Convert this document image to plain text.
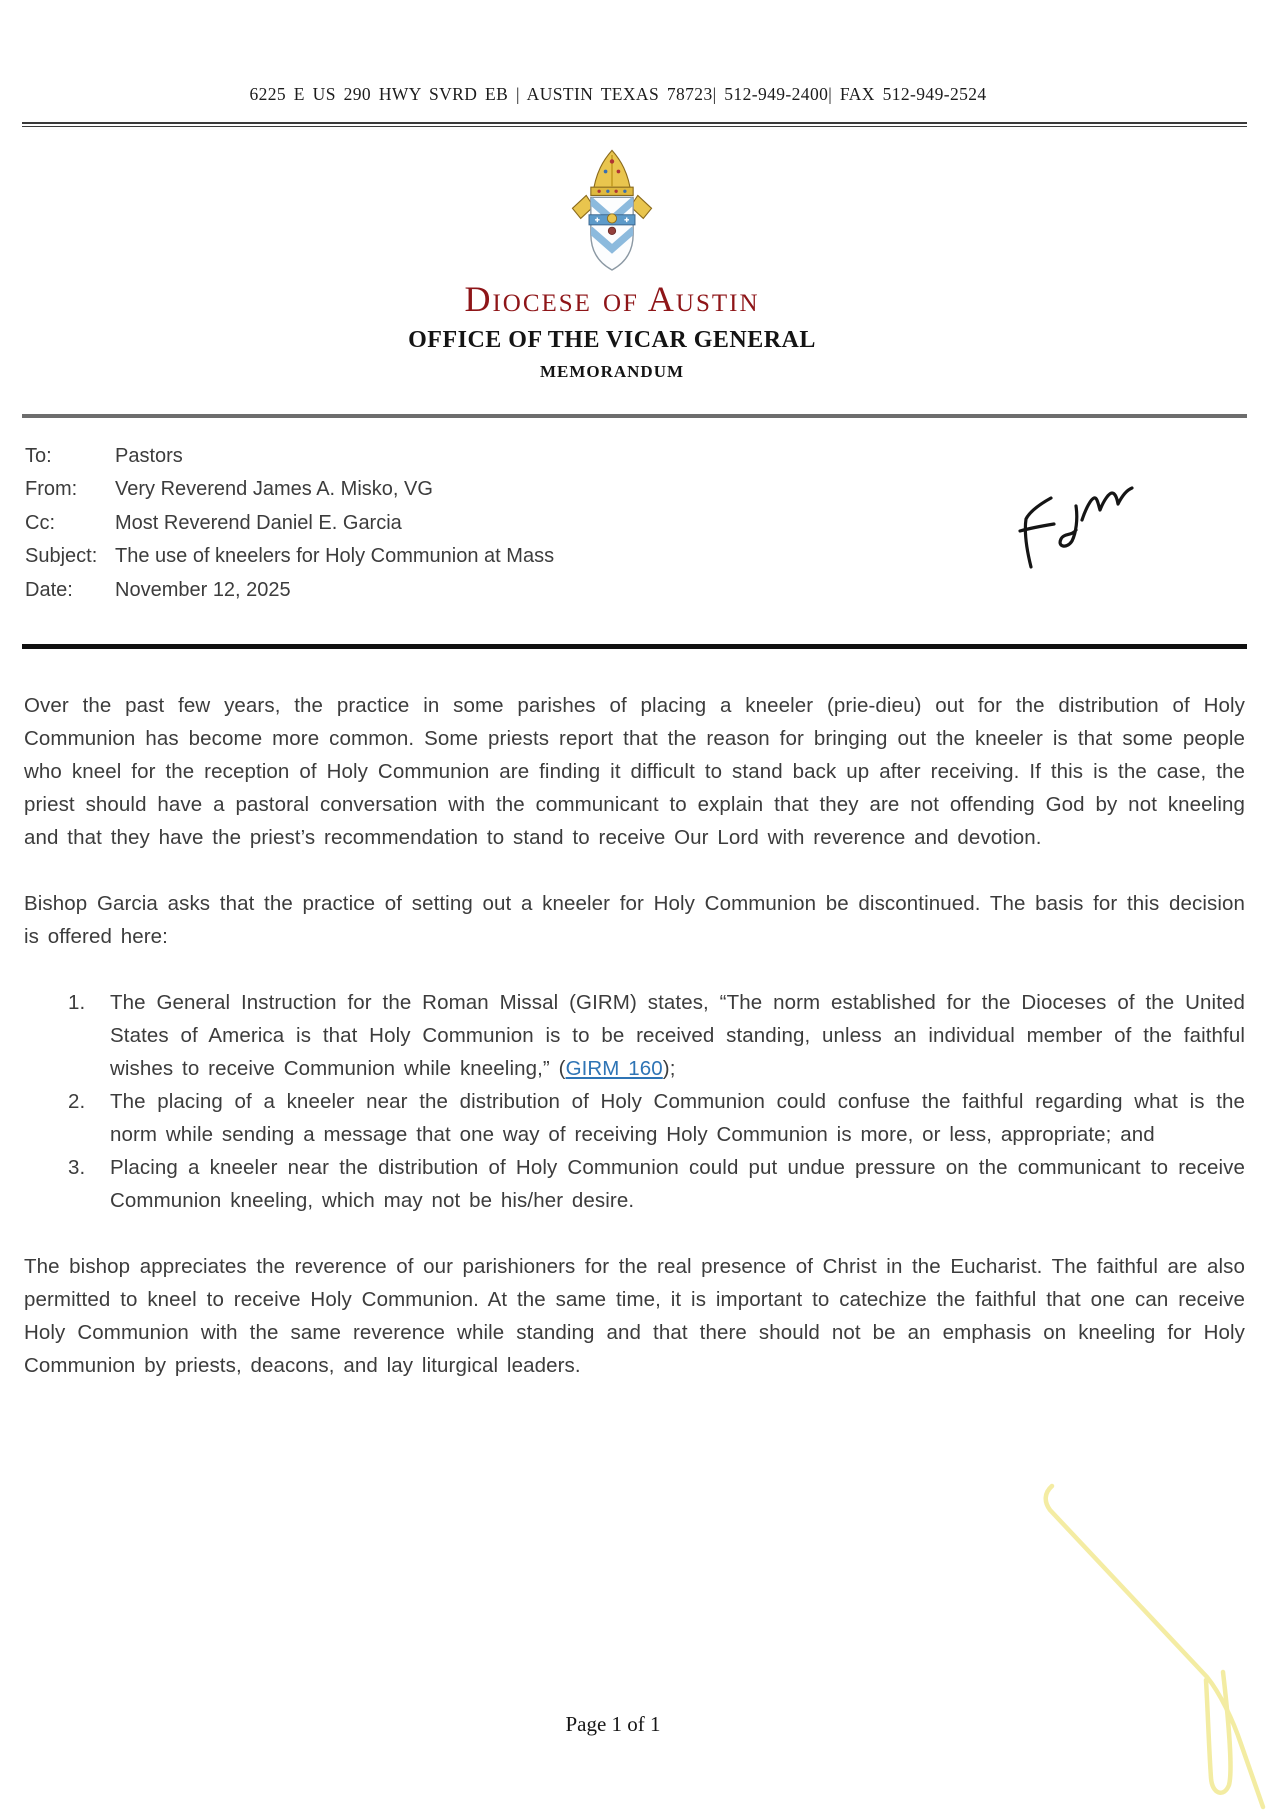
6225 E US 290 HWY SVRD EB | AUSTIN TEXAS 78723| 512-949-2400| FAX 512-949-2524
Diocese of Austin
OFFICE OF THE VICAR GENERAL
MEMORANDUM
To:	Pastors
From:	Very Reverend James A. Misko, VG
Cc:	Most Reverend Daniel E. Garcia
Subject: The use of kneelers for Holy Communion at Mass
Date:	November 12, 2025

Over the past few years, the practice in some parishes of placing a kneeler (prie-dieu) out for the distribution of Holy Communion has become more common. Some priests report that the reason for bringing out the kneeler is that some people who kneel for the reception of Holy Communion are finding it difficult to stand back up after receiving. If this is the case, the priest should have a pastoral conversation with the communicant to explain that they are not offending God by not kneeling and that they have the priest’s recommendation to stand to receive Our Lord with reverence and devotion.

Bishop Garcia asks that the practice of setting out a kneeler for Holy Communion be discontinued. The basis for this decision is offered here:

1. The General Instruction for the Roman Missal (GIRM) states, “The norm established for the Dioceses of the United States of America is that Holy Communion is to be received standing, unless an individual member of the faithful wishes to receive Communion while kneeling,” (GIRM 160);
2. The placing of a kneeler near the distribution of Holy Communion could confuse the faithful regarding what is the norm while sending a message that one way of receiving Holy Communion is more, or less, appropriate; and
3. Placing a kneeler near the distribution of Holy Communion could put undue pressure on the communicant to receive Communion kneeling, which may not be his/her desire.

The bishop appreciates the reverence of our parishioners for the real presence of Christ in the Eucharist. The faithful are also permitted to kneel to receive Holy Communion. At the same time, it is important to catechize the faithful that one can receive Holy Communion with the same reverence while standing and that there should not be an emphasis on kneeling for Holy Communion by priests, deacons, and lay liturgical leaders.

Page 1 of 1
